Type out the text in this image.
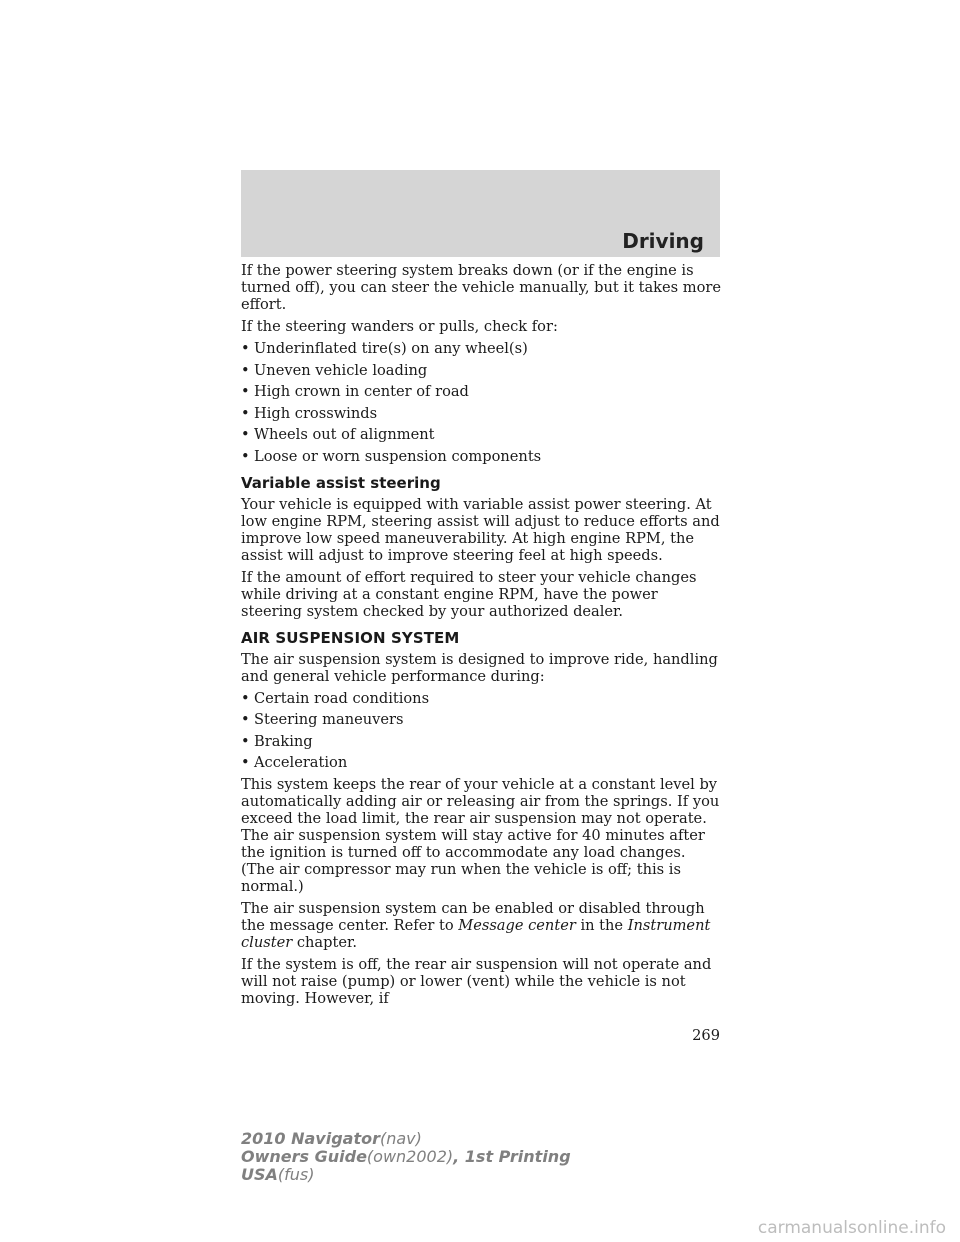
Driving

If the power steering system breaks down (or if the engine is turned off), you can steer the vehicle manually, but it takes more effort.

If the steering wanders or pulls, check for:

• Underinflated tire(s) on any wheel(s)
• Uneven vehicle loading
• High crown in center of road
• High crosswinds
• Wheels out of alignment
• Loose or worn suspension components
Variable assist steering

Your vehicle is equipped with variable assist power steering. At low engine RPM, steering assist will adjust to reduce efforts and improve low speed maneuverability. At high engine RPM, the assist will adjust to improve steering feel at high speeds.

If the amount of effort required to steer your vehicle changes while driving at a constant engine RPM, have the power steering system checked by your authorized dealer.

AIR SUSPENSION SYSTEM

The air suspension system is designed to improve ride, handling and general vehicle performance during:

• Certain road conditions
• Steering maneuvers
• Braking
• Acceleration

This system keeps the rear of your vehicle at a constant level by automatically adding air or releasing air from the springs. If you exceed the load limit, the rear air suspension may not operate. The air suspension system will stay active for 40 minutes after the ignition is turned off to accommodate any load changes. (The air compressor may run when the vehicle is off; this is normal.)

The air suspension system can be enabled or disabled through the message center. Refer to Message center in the Instrument cluster chapter.

If the system is off, the rear air suspension will not operate and will not raise (pump) or lower (vent) while the vehicle is not moving. However, if

269
2010 Navigator(nav)
Owners Guide(own2002), 1st Printing
USA(fus)
carmanualsonline.info
